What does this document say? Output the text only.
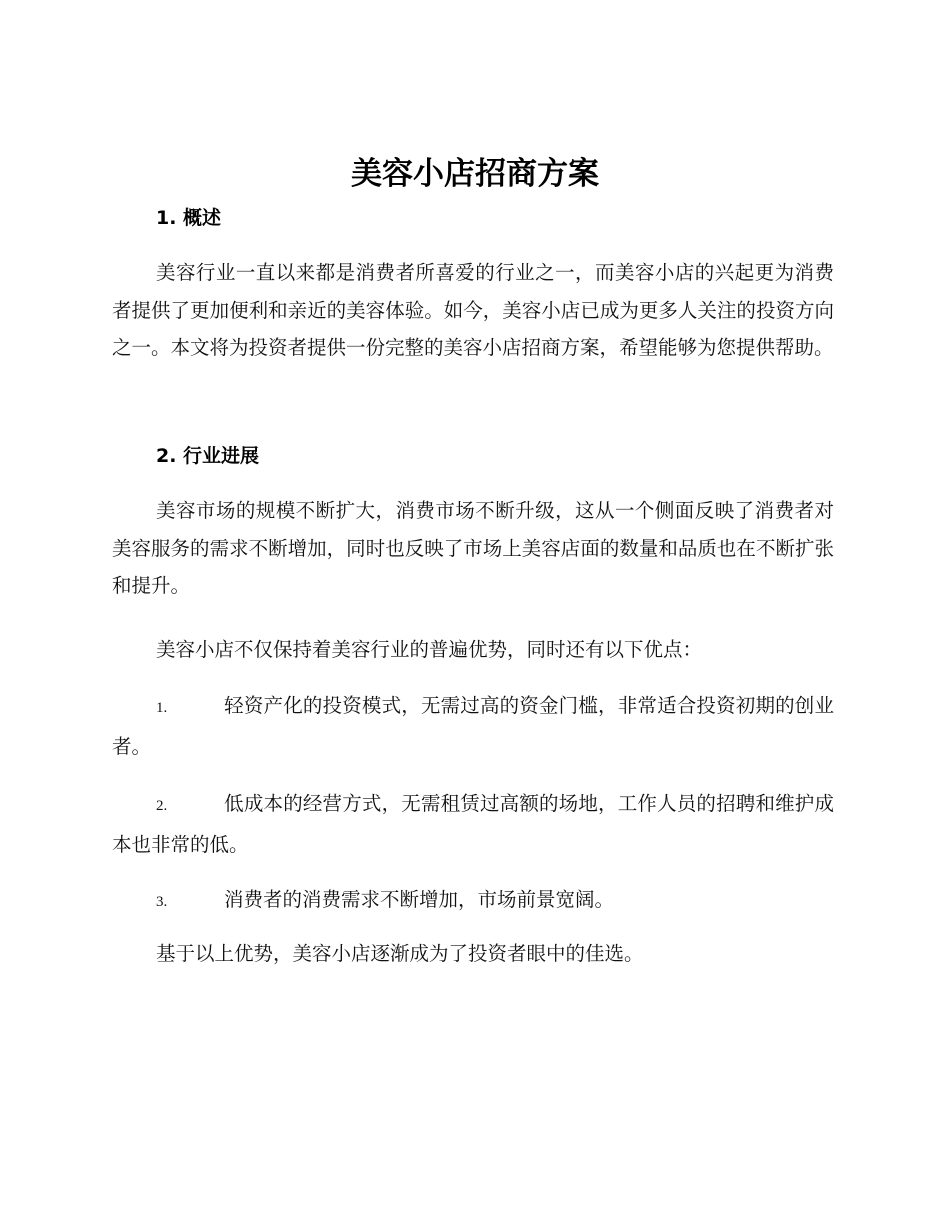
美容小店招商方案
1. 概述

美容行业一直以来都是消费者所喜爱的行业之一，而美容小店的兴起更为消费者提供了更加便利和亲近的美容体验。如今，美容小店已成为更多人关注的投资方向之一。本文将为投资者提供一份完整的美容小店招商方案，希望能够为您提供帮助。

2. 行业进展

美容市场的规模不断扩大，消费市场不断升级，这从一个侧面反映了消费者对美容服务的需求不断增加，同时也反映了市场上美容店面的数量和品质也在不断扩张和提升。

美容小店不仅保持着美容行业的普遍优势，同时还有以下优点：

1.	轻资产化的投资模式，无需过高的资金门槛，非常适合投资初期的创业者。
2.	低成本的经营方式，无需租赁过高额的场地，工作人员的招聘和维护成本也非常的低。
3.	消费者的消费需求不断增加，市场前景宽阔。

基于以上优势，美容小店逐渐成为了投资者眼中的佳选。
